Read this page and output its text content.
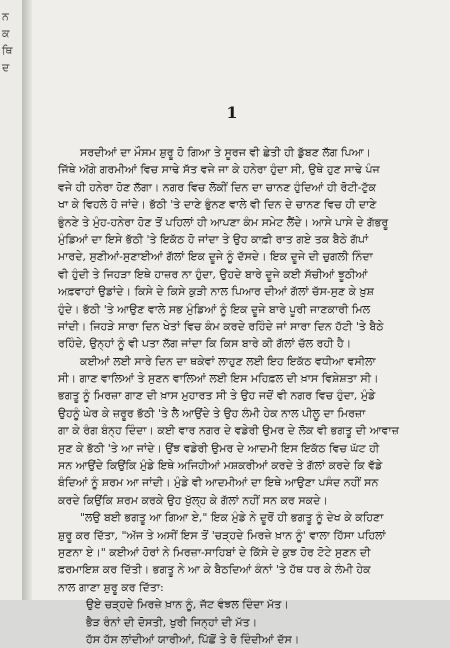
ਨ
ਕ
ਥਿ
ਦ
1
ਸਰਦੀਆਂ ਦਾ ਮੌਸਮ ਸ਼ੁਰੂ ਹੋ ਗਿਆ ਤੇ ਸੂਰਜ ਵੀ ਛੇਤੀ ਹੀ ਡੁੱਬਣ ਲੱਗ ਪਿਆ।
ਜਿੱਥੇ ਅੱਗੇ ਗਰਮੀਆਂ ਵਿਚ ਸਾਢੇ ਸੱਤ ਵਜੇ ਜਾ ਕੇ ਹਨੇਰਾ ਹੁੰਦਾ ਸੀ, ਉਥੇ ਹੁਣ ਸਾਢੇ ਪੰਜ
ਵਜੇ ਹੀ ਹਨੇਰਾ ਹੋਣ ਲੱਗਾ। ਨਗਰ ਵਿਚ ਲੋਕੀਂ ਦਿਨ ਦਾ ਚਾਨਣ ਹੁੰਦਿਆਂ ਹੀ ਰੋਟੀ-ਟੁੱਕ
ਖਾ ਕੇ ਵਿਹਲੇ ਹੋ ਜਾਂਦੇ। ਭੱਠੀ 'ਤੇ ਦਾਣੇ ਭੁੰਨਣ ਵਾਲੇ ਵੀ ਦਿਨ ਦੇ ਚਾਨਣ ਵਿਚ ਹੀ ਦਾਣੇ
ਭੁੰਨਣੇ ਤੇ ਮੁੰਹ-ਹਨੇਰਾ ਹੋਣ ਤੋਂ ਪਹਿਲਾਂ ਹੀ ਆਪਣਾ ਕੰਮ ਸਮੇਟ ਲੈਂਦੇ। ਆਸੇ ਪਾਸੇ ਦੇ ਗੱਭਰੂ
ਮੁੰਡਿਆਂ ਦਾ ਇਸੇ ਭੱਠੀ 'ਤੇ ਇਕੱਠ ਹੋ ਜਾਂਦਾ ਤੇ ਉਹ ਕਾਫ਼ੀ ਰਾਤ ਗਏ ਤਕ ਬੈਠੇ ਗੱਪਾਂ
ਮਾਰਦੇ, ਸੁਣੀਆਂ-ਸੁਣਾਈਆਂ ਗੱਲਾਂ ਇਕ ਦੂਜੇ ਨੂੰ ਦੱਸਦੇ। ਇਕ ਦੂਜੇ ਦੀ ਚੁਗਲੀ ਨਿੰਦਾ
ਵੀ ਹੁੰਦੀ ਤੇ ਜਿਹੜਾ ਇਥੇ ਹਾਜ਼ਰ ਨਾ ਹੁੰਦਾ, ਉਹਦੇ ਬਾਰੇ ਦੂਜੇ ਕਈ ਸੱਚੀਆਂ ਝੂਠੀਆਂ
ਅਫ਼ਵਾਹਾਂ ਉਡਾਂਦੇ। ਕਿਸੇ ਦੇ ਕਿਸੇ ਕੁੜੀ ਨਾਲ ਪਿਆਰ ਦੀਆਂ ਗੱਲਾਂ ਚੱਸ-ਸੁਣ ਕੇ ਖ਼ੁਸ਼
ਹੁੰਦੇ। ਭੱਠੀ 'ਤੇ ਆਉਣ ਵਾਲੇ ਸਭ ਮੁੰਡਿਆਂ ਨੂੰ ਇਕ ਦੂਜੇ ਬਾਰੇ ਪੂਰੀ ਜਾਣਕਾਰੀ ਮਿਲ
ਜਾਂਦੀ। ਜਿਹੜੇ ਸਾਰਾ ਦਿਨ ਖੇਤਾਂ ਵਿਚ ਕੰਮ ਕਰਦੇ ਰਹਿੰਦੇ ਜਾਂ ਸਾਰਾ ਦਿਨ ਹੱਟੀ 'ਤੇ ਬੈਠੇ
ਰਹਿੰਦੇ, ਉਨ੍ਹਾਂ ਨੂੰ ਵੀ ਪਤਾ ਲੱਗ ਜਾਂਦਾ ਕਿ ਕਿਸ ਬਾਰੇ ਕੀ ਗੱਲਾਂ ਚੱਲ ਰਹੀ ਹੈ।
ਕਈਆਂ ਲਈ ਸਾਰੇ ਦਿਨ ਦਾ ਥਕੇਵਾਂ ਲਾਹੁਣ ਲਈ ਇਹ ਇਕੱਠ ਵਧੀਆ ਵਸੀਲਾ
ਸੀ। ਗਾਣ ਵਾਲਿਆਂ ਤੇ ਸੁਣਨ ਵਾਲਿਆਂ ਲਈ ਇਸ ਮਹਿਫ਼ਲ ਦੀ ਖ਼ਾਸ ਵਿਸ਼ੇਸ਼ਤਾ ਸੀ।
ਭਗਤੂ ਨੂੰ ਮਿਰਜ਼ਾ ਗਾਣ ਦੀ ਖ਼ਾਸ ਮੁਹਾਰਤ ਸੀ ਤੇ ਉਹ ਜਦੋਂ ਵੀ ਨਗਰ ਵਿਚ ਹੁੰਦਾ, ਮੁੰਡੇ
ਉਹਨੂੰ ਘੇਰ ਕੇ ਜ਼ਰੂਰ ਭੱਠੀ 'ਤੇ ਲੈ ਆਉਂਦੇ ਤੇ ਉਹ ਲੰਮੀ ਹੇਕ ਨਾਲ ਪੀਲੂ ਦਾ ਮਿਰਜ਼ਾ
ਗਾ ਕੇ ਰੰਗ ਬੰਨ੍ਹ ਦਿੰਦਾ। ਕਈ ਵਾਰ ਨਗਰ ਦੇ ਵਡੇਰੀ ਉਮਰ ਦੇ ਲੋਕ ਵੀ ਭਗਤੂ ਦੀ ਆਵਾਜ਼
ਸੁਣ ਕੇ ਭੱਠੀ 'ਤੇ ਆ ਜਾਂਦੇ। ਉਂਝ ਵਡੇਰੀ ਉਮਰ ਦੇ ਆਦਮੀ ਇਸ ਇਕੱਠ ਵਿਚ ਘੱਟ ਹੀ
ਸਨ ਆਉਂਦੇ ਕਿਉਂਕਿ ਮੁੰਡੇ ਇਥੇ ਅਜਿਹੀਆਂ ਮਸ਼ਕਰੀਆਂ ਕਰਦੇ ਤੇ ਗੱਲਾਂ ਕਰਦੇ ਕਿ ਵੱਡੇ
ਬੰਦਿਆਂ ਨੂੰ ਸ਼ਰਮ ਆ ਜਾਂਦੀ। ਮੁੰਡੇ ਵੀ ਆਦਮੀਆਂ ਦਾ ਇਥੇ ਆਉਣਾ ਪਸੰਦ ਨਹੀਂ ਸਨ
ਕਰਦੇ ਕਿਉਂਕਿ ਸ਼ਰਮ ਕਰਕੇ ਉਹ ਖੁੱਲ੍ਹ ਕੇ ਗੱਲਾਂ ਨਹੀਂ ਸਨ ਕਰ ਸਕਦੇ।
"ਲਉ ਬਈ ਭਗਤੂ ਆ ਗਿਆ ਏ," ਇਕ ਮੁੰਡੇ ਨੇ ਦੂਰੋਂ ਹੀ ਭਗਤੂ ਨੂੰ ਦੇਖ ਕੇ ਕਹਿਣਾ
ਸ਼ੁਰੂ ਕਰ ਦਿੱਤਾ, "ਅੱਜ ਤੇ ਅਸੀਂ ਇਸ ਤੋਂ 'ਚੜ੍ਹਦੇ ਮਿਰਜ਼ੇ ਖ਼ਾਨ ਨੂੰ' ਵਾਲਾ ਹਿੱਸਾ ਪਹਿਲਾਂ
ਸੁਣਨਾ ਏ।" ਕਈਆਂ ਹੋਰਾਂ ਨੇ ਮਿਰਜ਼ਾ-ਸਾਹਿਬਾਂ ਦੇ ਕਿੱਸੇ ਦੇ ਕੁਝ ਹੋਰ ਟੋਟੇ ਸੁਣਨ ਦੀ
ਫ਼ਰਮਾਇਸ਼ ਕਰ ਦਿੱਤੀ। ਭਗਤੂ ਨੇ ਆ ਕੇ ਬੈਠਦਿਆਂ ਕੰਨਾਂ 'ਤੇ ਹੱਥ ਧਰ ਕੇ ਲੰਮੀ ਹੇਕ
ਨਾਲ ਗਾਣਾ ਸ਼ੁਰੂ ਕਰ ਦਿੱਤਾ:
ਉਏ ਚੜ੍ਹਦੇ ਮਿਰਜ਼ੇ ਖ਼ਾਨ ਨੂੰ, ਜੱਟ ਵੰਝਲ ਦਿੰਦਾ ਮੱਤ।
ਭੈੜ ਰੰਨਾਂ ਦੀ ਦੋਸਤੀ, ਖੁਰੀ ਜਿਨ੍ਹਾਂ ਦੀ ਮੱਤ।
ਹੱਸ ਹੱਸ ਲਾਂਦੀਆਂ ਯਾਰੀਆਂ, ਪਿੱਛੋਂ ਤੇ ਰੋ ਦਿੰਦੀਆਂ ਦੱਸ।
